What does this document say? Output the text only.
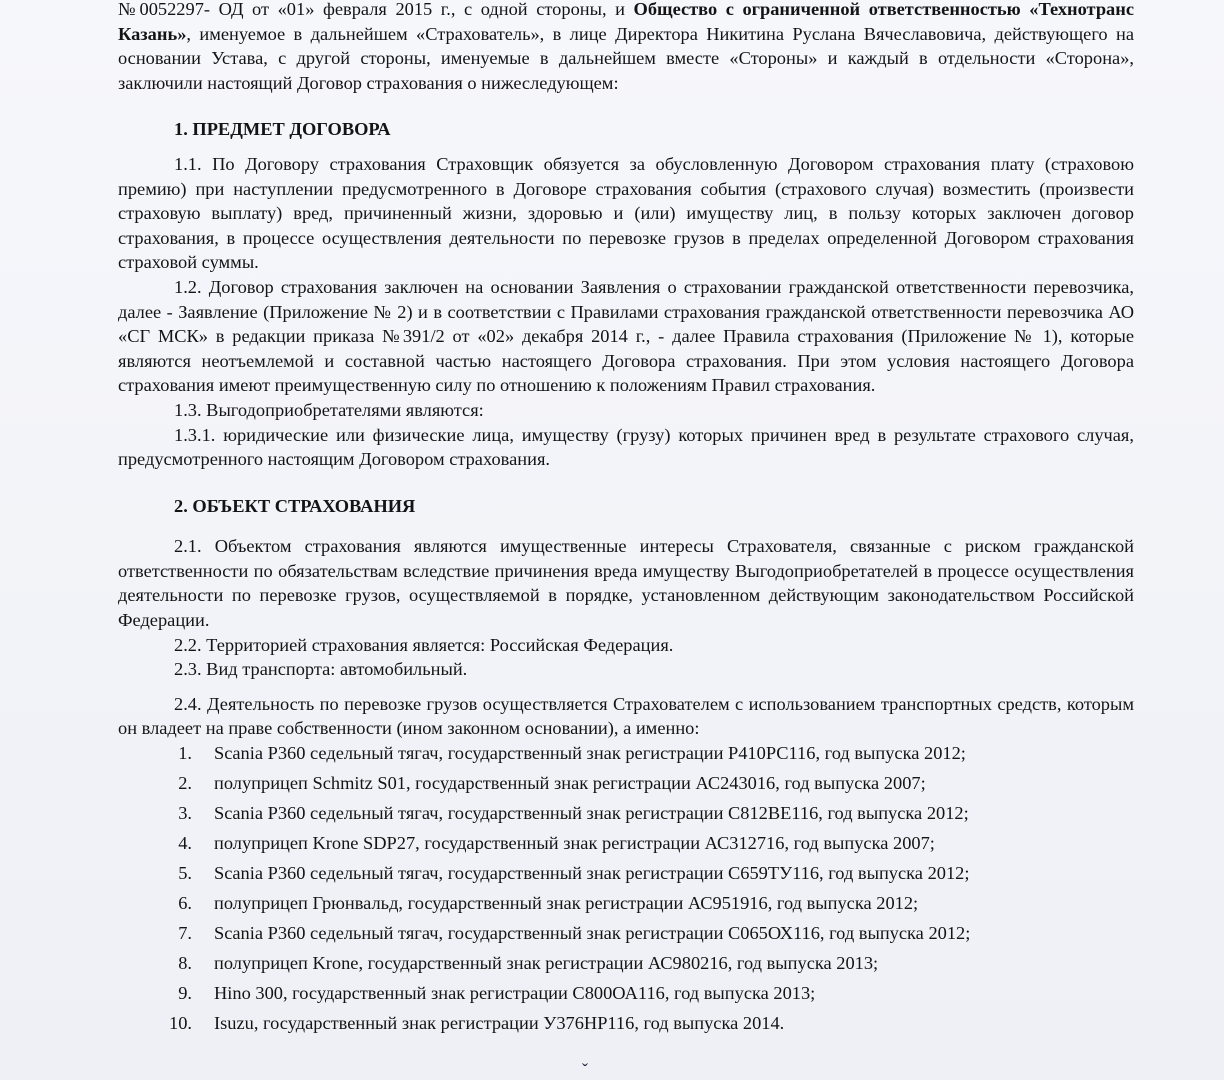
№0052297- ОД от «01» февраля 2015 г., с одной стороны, и Общество с ограниченной ответственностью «Технотранс Казань», именуемое в дальнейшем «Страхователь», в лице Директора Никитина Руслана Вячеславовича, действующего на основании Устава, с другой стороны, именуемые в дальнейшем вместе «Стороны» и каждый в отдельности «Сторона», заключили настоящий Договор страхования о нижеследующем:

1. ПРЕДМЕТ ДОГОВОРА

1.1. По Договору страхования Страховщик обязуется за обусловленную Договором страхования плату (страховою премию) при наступлении предусмотренного в Договоре страхования события (страхового случая) возместить (произвести страховую выплату) вред, причиненный жизни, здоровью и (или) имуществу лиц, в пользу которых заключен договор страхования, в процессе осуществления деятельности по перевозке грузов в пределах определенной Договором страхования страховой суммы.

1.2. Договор страхования заключен на основании Заявления о страховании гражданской ответственности перевозчика, далее - Заявление (Приложение № 2) и в соответствии с Правилами страхования гражданской ответственности перевозчика АО «СГ МСК» в редакции приказа №391/2 от «02» декабря 2014 г., - далее Правила страхования (Приложение № 1), которые являются неотъемлемой и составной частью настоящего Договора страхования. При этом условия настоящего Договора страхования имеют преимущественную силу по отношению к положениям Правил страхования.

1.3. Выгодоприобретателями являются:

1.3.1. юридические или физические лица, имуществу (грузу) которых причинен вред в результате страхового случая, предусмотренного настоящим Договором страхования.

2. ОБЪЕКТ СТРАХОВАНИЯ

2.1. Объектом страхования являются имущественные интересы Страхователя, связанные с риском гражданской ответственности по обязательствам вследствие причинения вреда имуществу Выгодоприобретателей в процессе осуществления деятельности по перевозке грузов, осуществляемой в порядке, установленном действующим законодательством Российской Федерации.

2.2. Территорией страхования является: Российская Федерация.

2.3. Вид транспорта: автомобильный.

2.4. Деятельность по перевозке грузов осуществляется Страхователем с использованием транспортных средств, которым он владеет на праве собственности (ином законном основании), а именно:

1.	Scania P360 седельный тягач, государственный знак регистрации Р410РС116, год выпуска 2012;
2.	полуприцеп Schmitz S01, государственный знак регистрации АС243016, год выпуска 2007;
3.	Scania P360 седельный тягач, государственный знак регистрации С812ВЕ116, год выпуска 2012;
4.	полуприцеп Krone SDP27, государственный знак регистрации АС312716, год выпуска 2007;
5.	Scania P360 седельный тягач, государственный знак регистрации С659ТУ116, год выпуска 2012;
6.	полуприцеп Грюнвальд, государственный знак регистрации АС951916, год выпуска 2012;
7.	Scania P360 седельный тягач, государственный знак регистрации С065ОХ116, год выпуска 2012;
8.	полуприцеп Krone, государственный знак регистрации АС980216, год выпуска 2013;
9.	Hino 300, государственный знак регистрации С800ОА116, год выпуска 2013;
10.	Isuzu, государственный знак регистрации У376НР116, год выпуска 2014.
ˇ
